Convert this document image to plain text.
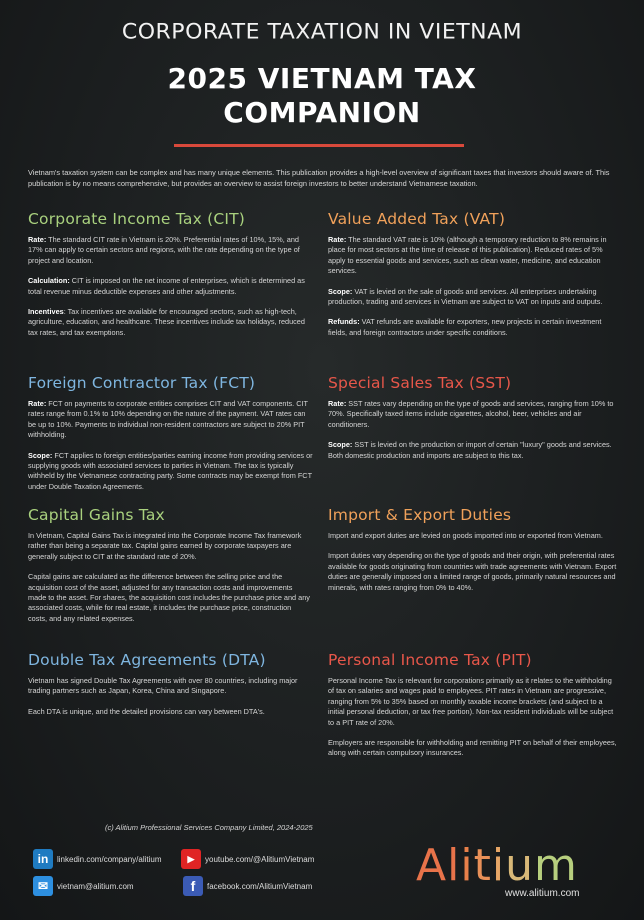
CORPORATE TAXATION IN VIETNAM
2025 VIETNAM TAX
COMPANION
Vietnam's taxation system can be complex and has many unique elements. This publication provides a high-level overview of significant taxes that investors should aware of. This publication is by no means comprehensive, but provides an overview to assist foreign investors to better understand Vietnamese taxation.
Corporate Income Tax (CIT)

Rate: The standard CIT rate in Vietnam is 20%. Preferential rates of 10%, 15%, and 17% can apply to certain sectors and regions, with the rate depending on the type of project and location.

Calculation: CIT is imposed on the net income of enterprises, which is determined as total revenue minus deductible expenses and other adjustments.

Incentives: Tax incentives are available for encouraged sectors, such as high-tech, agriculture, education, and healthcare. These incentives include tax holidays, reduced tax rates, and tax exemptions.

Value Added Tax (VAT)

Rate: The standard VAT rate is 10% (although a temporary reduction to 8% remains in place for most sectors at the time of release of this publication). Reduced rates of 5% apply to essential goods and services, such as clean water, medicine, and education services.

Scope: VAT is levied on the sale of goods and services. All enterprises undertaking production, trading and services in Vietnam are subject to VAT on inputs and outputs.

Refunds: VAT refunds are available for exporters, new projects in certain investment fields, and foreign contractors under specific conditions.

Foreign Contractor Tax (FCT)

Rate: FCT on payments to corporate entities comprises CIT and VAT components. CIT rates range from 0.1% to 10% depending on the nature of the payment. VAT rates can be up to 10%. Payments to individual non-resident contractors are subject to 20% PIT withholding.

Scope: FCT applies to foreign entities/parties earning income from providing services or supplying goods with associated services to parties in Vietnam. The tax is typically withheld by the Vietnamese contracting party. Some contracts may be exempt from FCT under Double Taxation Agreements.

Special Sales Tax (SST)

Rate: SST rates vary depending on the type of goods and services, ranging from 10% to 70%. Specifically taxed items include cigarettes, alcohol, beer, vehicles and air conditioners.

Scope: SST is levied on the production or import of certain "luxury" goods and services. Both domestic production and imports are subject to this tax.

Capital Gains Tax

In Vietnam, Capital Gains Tax is integrated into the Corporate Income Tax framework rather than being a separate tax. Capital gains earned by corporate taxpayers are generally subject to CIT at the standard rate of 20%.

Capital gains are calculated as the difference between the selling price and the acquisition cost of the asset, adjusted for any transaction costs and improvements made to the asset. For shares, the acquisition cost includes the purchase price and any associated costs, while for real estate, it includes the purchase price, construction costs, and any related expenses.

Import & Export Duties

Import and export duties are levied on goods imported into or exported from Vietnam.

Import duties vary depending on the type of goods and their origin, with preferential rates available for goods originating from countries with trade agreements with Vietnam. Export duties are generally imposed on a limited range of goods, primarily natural resources and minerals, with rates ranging from 0% to 40%.

Double Tax Agreements (DTA)

Vietnam has signed Double Tax Agreements with over 80 countries, including major trading partners such as Japan, Korea, China and Singapore.

Each DTA is unique, and the detailed provisions can vary between DTA's.

Personal Income Tax (PIT)

Personal Income Tax is relevant for corporations primarily as it relates to the withholding of tax on salaries and wages paid to employees. PIT rates in Vietnam are progressive, ranging from 5% to 35% based on monthly taxable income brackets (and subject to a initial personal deduction, or tax free portion). Non-tax resident individuals will be subject to a PIT rate of 20%.

Employers are responsible for withholding and remitting PIT on behalf of their employees, along with certain compulsory insurances.

(c) Alitium Professional Services Company Limited, 2024-2025
in	linkedin.com/company/alitium	▶	youtube.com/@AlitiumVietnam
✉	vietnam@alitium.com	f	facebook.com/AlitiumVietnam Alitium
www.alitium.com
